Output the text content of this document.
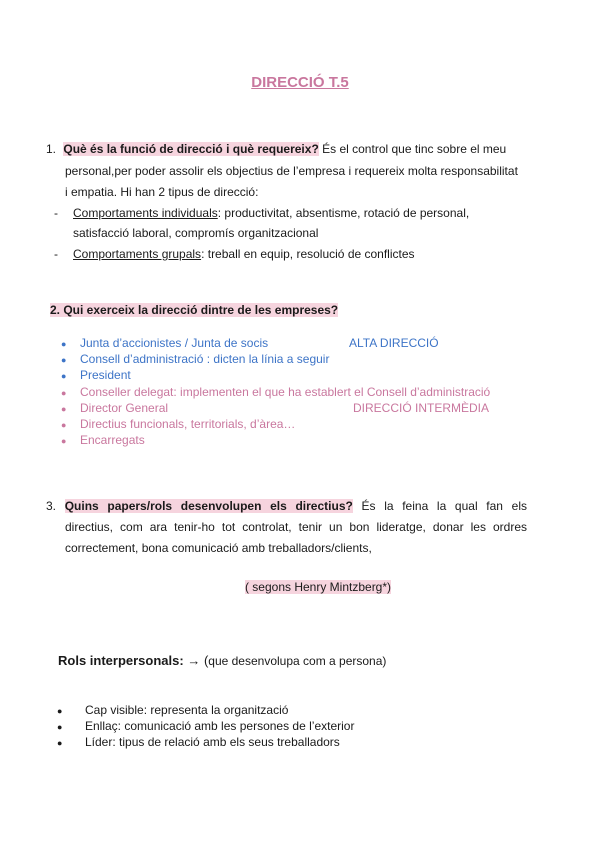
DIRECCIÓ T.5
1. Què és la funció de direcció i què requereix? És el control que tinc sobre el meu
personal,per poder assolir els objectius de l’empresa i requereix molta responsabilitat
i empatia. Hi han 2 tipus de direcció:
- Comportaments individuals: productivitat, absentisme, rotació de personal,
satisfacció laboral, compromís organitzacional
- Comportaments grupals: treball en equip, resolució de conflictes
2. Qui exerceix la direcció dintre de les empreses?
● Junta d’accionistes / Junta de socis
● Consell d’administració : dicten la línia a seguir
● President
● Conseller delegat: implementen el que ha establert el Consell d’administració
● Director General
● Directius funcionals, territorials, d’àrea…
● Encarregats
ALTA DIRECCIÓ
DIRECCIÓ INTERMÈDIA
3. Quins papers/rols desenvolupen els directius? És la feina la qual fan els
directius, com ara tenir-ho tot controlat, tenir un bon lideratge, donar les ordres
correctement, bona comunicació amb treballadors/clients,
( segons Henry Mintzberg*)
Rols interpersonals: → (que desenvolupa com a persona)
● Cap visible: representa la organització
● Enllaç: comunicació amb les persones de l’exterior
● Líder: tipus de relació amb els seus treballadors
